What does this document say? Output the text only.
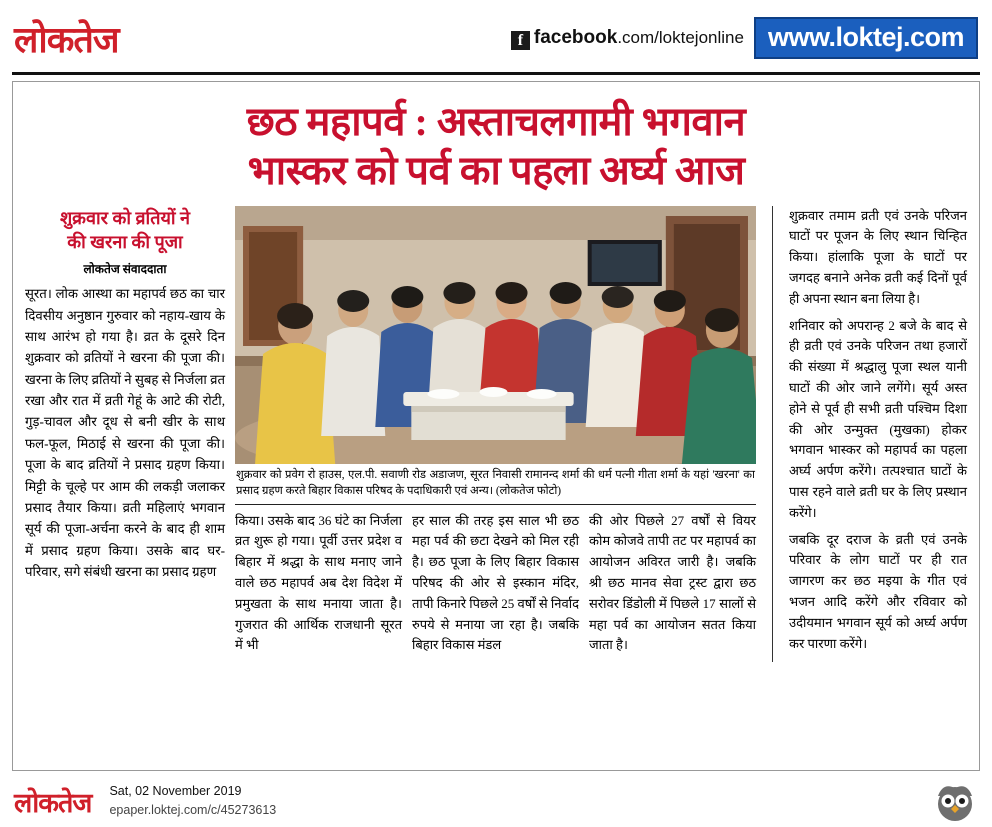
लोकतेज	f facebook .com/loktejonline www.loktej.com
छठ महापर्व : अस्ताचलगामी भगवान
भास्कर को पर्व का पहला अर्घ्य आज
शुक्रवार को व्रतियों ने
की खरना की पूजा
लोकतेज संवाददाता

सूरत। लोक आस्था का महापर्व छठ का चार दिवसीय अनुष्ठान गुरुवार को नहाय-खाय के साथ आरंभ हो गया है। व्रत के दूसरे दिन शुक्रवार को व्रतियों ने खरना की पूजा की। खरना के लिए व्रतियों ने सुबह से निर्जला व्रत रखा और रात में व्रती गेहूं के आटे की रोटी, गुड़-चावल और दूध से बनी खीर के साथ फल-फूल, मिठाई से खरना की पूजा की। पूजा के बाद व्रतियों ने प्रसाद ग्रहण किया। मिट्टी के चूल्हे पर आम की लकड़ी जलाकर प्रसाद तैयार किया। व्रती महिलाएं भगवान सूर्य की पूजा-अर्चना करने के बाद ही शाम में प्रसाद ग्रहण किया। उसके बाद घर-परिवार, सगे संबंधी खरना का प्रसाद ग्रहण

शुक्रवार को प्रवेग रो हाउस, एल.पी. सवाणी रोड अडाजण, सूरत निवासी रामानन्द शर्मा की धर्म पत्नी गीता शर्मा के यहां 'खरना' का प्रसाद ग्रहण करते बिहार विकास परिषद के पदाधिकारी एवं अन्य। (लोकतेज फोटो)

किया। उसके बाद 36 घंटे का निर्जला व्रत शुरू हो गया। पूर्वी उत्तर प्रदेश व बिहार में श्रद्धा के साथ मनाए जाने वाले छठ महापर्व अब देश विदेश में प्रमुखता के साथ मनाया जाता है। गुजरात की आर्थिक राजधानी सूरत में भी

हर साल की तरह इस साल भी छठ महा पर्व की छटा देखने को मिल रही है। छठ पूजा के लिए बिहार विकास परिषद की ओर से इस्कान मंदिर, तापी किनारे पिछले 25 वर्षों से निर्वाद रुपये से मनाया जा रहा है। जबकि बिहार विकास मंडल

की ओर पिछले 27 वर्षों से वियर कोम कोजवे तापी तट पर महापर्व का आयोजन अविरत जारी है। जबकि श्री छठ मानव सेवा ट्रस्ट द्वारा छठ सरोवर डिंडोली में पिछले 17 सालों से महा पर्व का आयोजन सतत किया जाता है।

शुक्रवार तमाम व्रती एवं उनके परिजन घाटों पर पूजन के लिए स्थान चिन्हित किया। हांलाकि पूजा के घाटों पर जगदह बनाने अनेक व्रती कई दिनों पूर्व ही अपना स्थान बना लिया है।

शनिवार को अपरान्ह 2 बजे के बाद से ही व्रती एवं उनके परिजन तथा हजारों की संख्या में श्रद्धालु पूजा स्थल यानी घाटों की ओर जाने लगेंगे। सूर्य अस्त होने से पूर्व ही सभी व्रती पश्चिम दिशा की ओर उन्मुक्त (मुखका) होकर भगवान भास्कर को महापर्व का पहला अर्घ्य अर्पण करेंगे। तत्पश्चात घाटों के पास रहने वाले व्रती घर के लिए प्रस्थान करेंगे।

जबकि दूर दराज के व्रती एवं उनके परिवार के लोग घाटों पर ही रात जागरण कर छठ मइया के गीत एवं भजन आदि करेंगे और रविवार को उदीयमान भगवान सूर्य को अर्घ्य अर्पण कर पारणा करेंगे।

लोकतेज Sat, 02 November 2019
epaper.loktej.com/c/45273613
